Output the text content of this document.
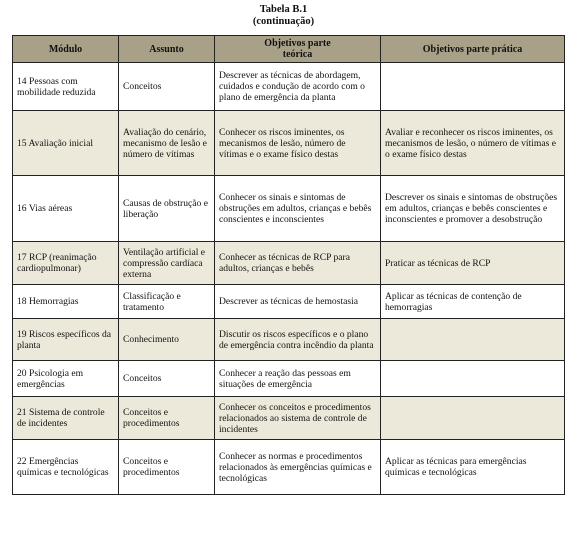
Tabela B.1
(continuação)
Módulo	Assunto	Objetivos parte teórica	Objetivos parte prática
14 Pessoas com mobilidade reduzida	Conceitos	Descrever as técnicas de abordagem, cuidados e condução de acordo com o plano de emergência da planta	
15 Avaliação inicial	Avaliação do cenário, mecanismo de lesão e número de vítimas	Conhecer os riscos iminentes, os mecanismos de lesão, número de vítimas e o exame físico destas	Avaliar e reconhecer os riscos iminentes, os mecanismos de lesão, o número de vítimas e o exame físico destas
16 Vias aéreas	Causas de obstrução e liberação	Conhecer os sinais e sintomas de obstruções em adultos, crianças e bebês conscientes e inconscientes	Descrever os sinais e sintomas de obstruções em adultos, crianças e bebês conscientes e inconscientes e promover a desobstrução
17 RCP (reanimação cardiopulmonar)	Ventilação artificial e compressão cardíaca externa	Conhecer as técnicas de RCP para adultos, crianças e bebês	Praticar as técnicas de RCP
18 Hemorragias	Classificação e tratamento	Descrever as técnicas de hemostasia	Aplicar as técnicas de contenção de hemorragias
19 Riscos específicos da planta	Conhecimento	Discutir os riscos específicos e o plano de emergência contra incêndio da planta	
20 Psicologia em emergências	Conceitos	Conhecer a reação das pessoas em situações de emergência	
21 Sistema de controle de incidentes	Conceitos e procedimentos	Conhecer os conceitos e procedimentos relacionados ao sistema de controle de incidentes	
22 Emergências químicas e tecnológicas	Conceitos e procedimentos	Conhecer as normas e procedimentos relacionados às emergências químicas e tecnológicas	Aplicar as técnicas para emergências químicas e tecnológicas
